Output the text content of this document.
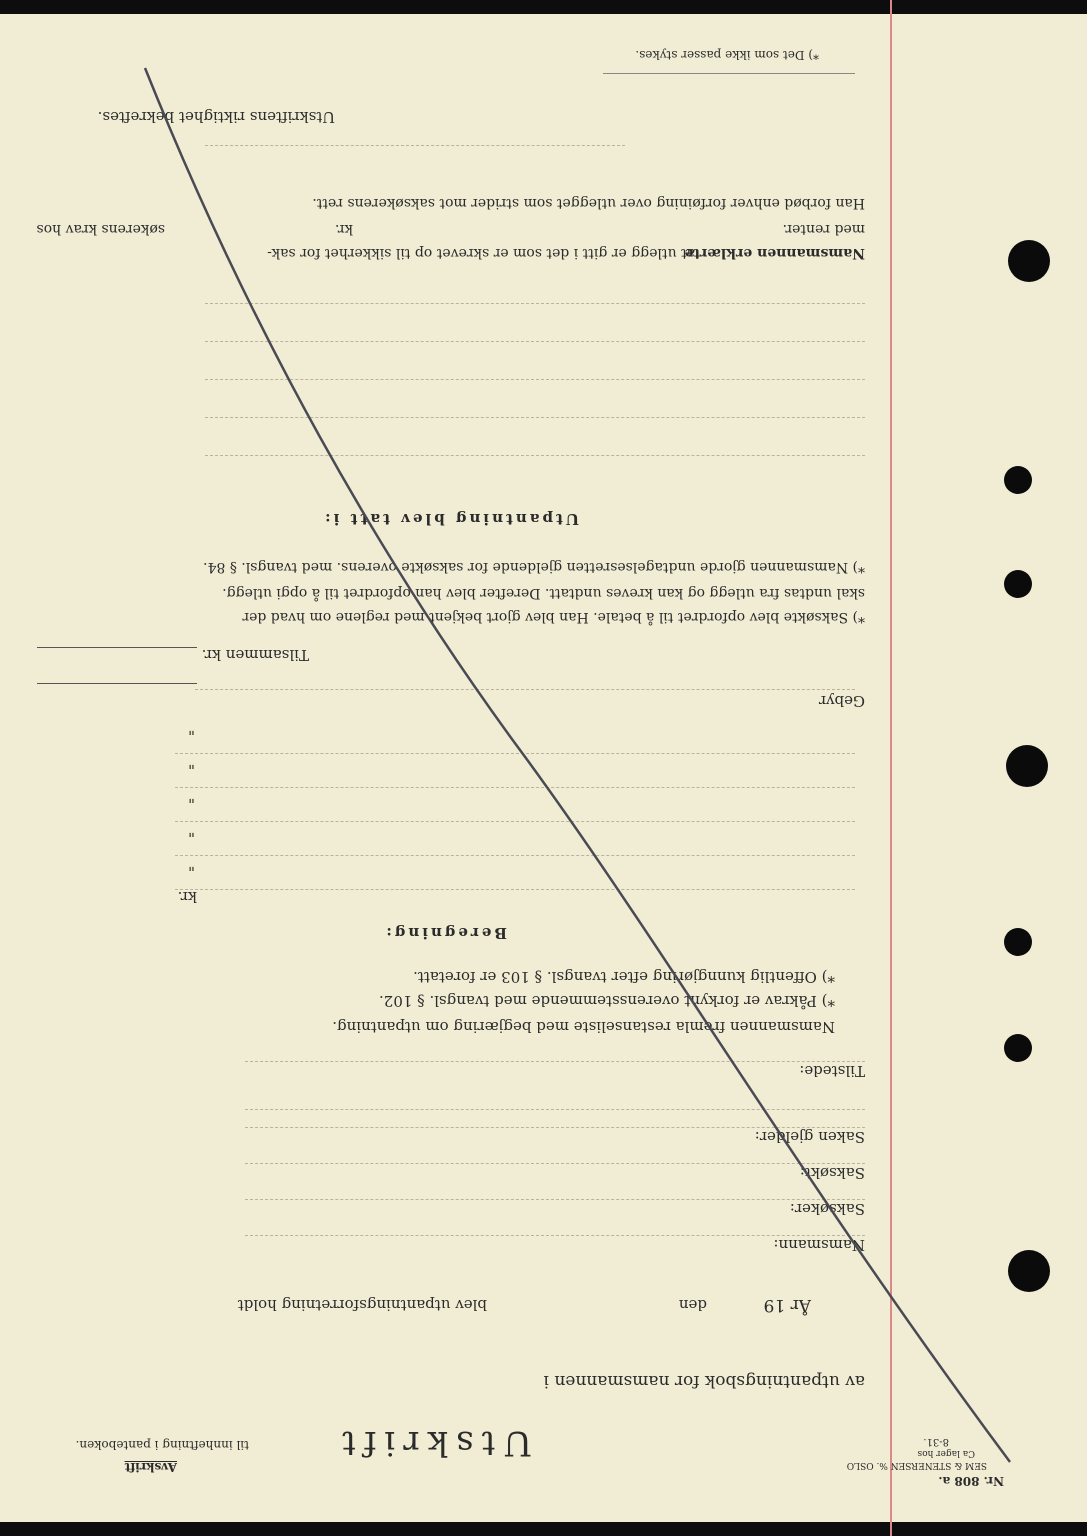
Nr. 808 a.
SEM & STENERSEN %. OSLO
Ca lager hos
8-31.
Avskrift
til innheftning i panteboken.	Utskrift
av utpantningsbok for namsmannen i
År 19
den
blev utpantningsforretning holdt
Namsmann:
Saksøker:
Saksøkt:
Saken gjelder:
Tilstede:
Namsmannen fremla restanseliste med begjæring om utpantning.
*) Påkrav er forkynt overensstemmende med tvangsl. § 102.
*) Offentlig kunngjøring efter tvangsl. § 103 er foretatt.
Beregning:
kr.
"
"
"
"
"
Gebyr
Tilsammen kr.
*) Saksøkte blev opfordret til å betale. Han blev gjort bekjent med reglene om hvad der
skal undtas fra utlegg og kan kreves undtatt. Derefter blev han opfordret til å opgi utlegg.
*) Namsmannen gjorde undtagelsesretten gjeldende for saksøkte overens. med tvangsl. § 84.
Utpantning blev tatt i:
Namsmannen erklærte
at utlegg er gitt i det som er skrevet op til sikkerhet for sak-
søkerens krav hos	kr.	med renter.
Han forbød enhver forføining over utlegget som strider mot saksøkerens rett.
Utskriftens riktighet bekreftes.
*) Det som ikke passer stykes.
